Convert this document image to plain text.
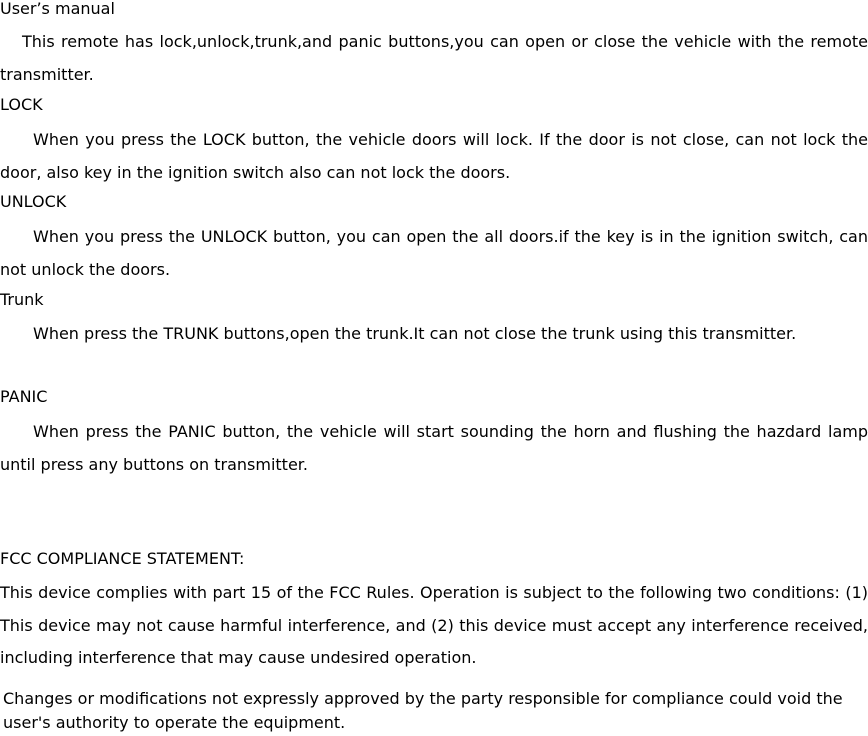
User’s manual

This remote has lock,unlock,trunk,and panic buttons,you can open or close the vehicle with the remote transmitter.

LOCK

When you press the LOCK button, the vehicle doors will lock. If the door is not close, can not lock the door, also key in the ignition switch also can not lock the doors.

UNLOCK

When you press the UNLOCK button, you can open the all doors.if the key is in the ignition switch, can not unlock the doors.

Trunk

When press the TRUNK buttons,open the trunk.It can not close the trunk using this transmitter.

PANIC

When press the PANIC button, the vehicle will start sounding the horn and flushing the hazdard lamp until press any buttons on transmitter.

FCC COMPLIANCE STATEMENT:

This device complies with part 15 of the FCC Rules. Operation is subject to the following two conditions: (1) This device may not cause harmful interference, and (2) this device must accept any interference received, including interference that may cause undesired operation.

Changes or modifications not expressly approved by the party responsible for compliance could void the user's authority to operate the equipment.
